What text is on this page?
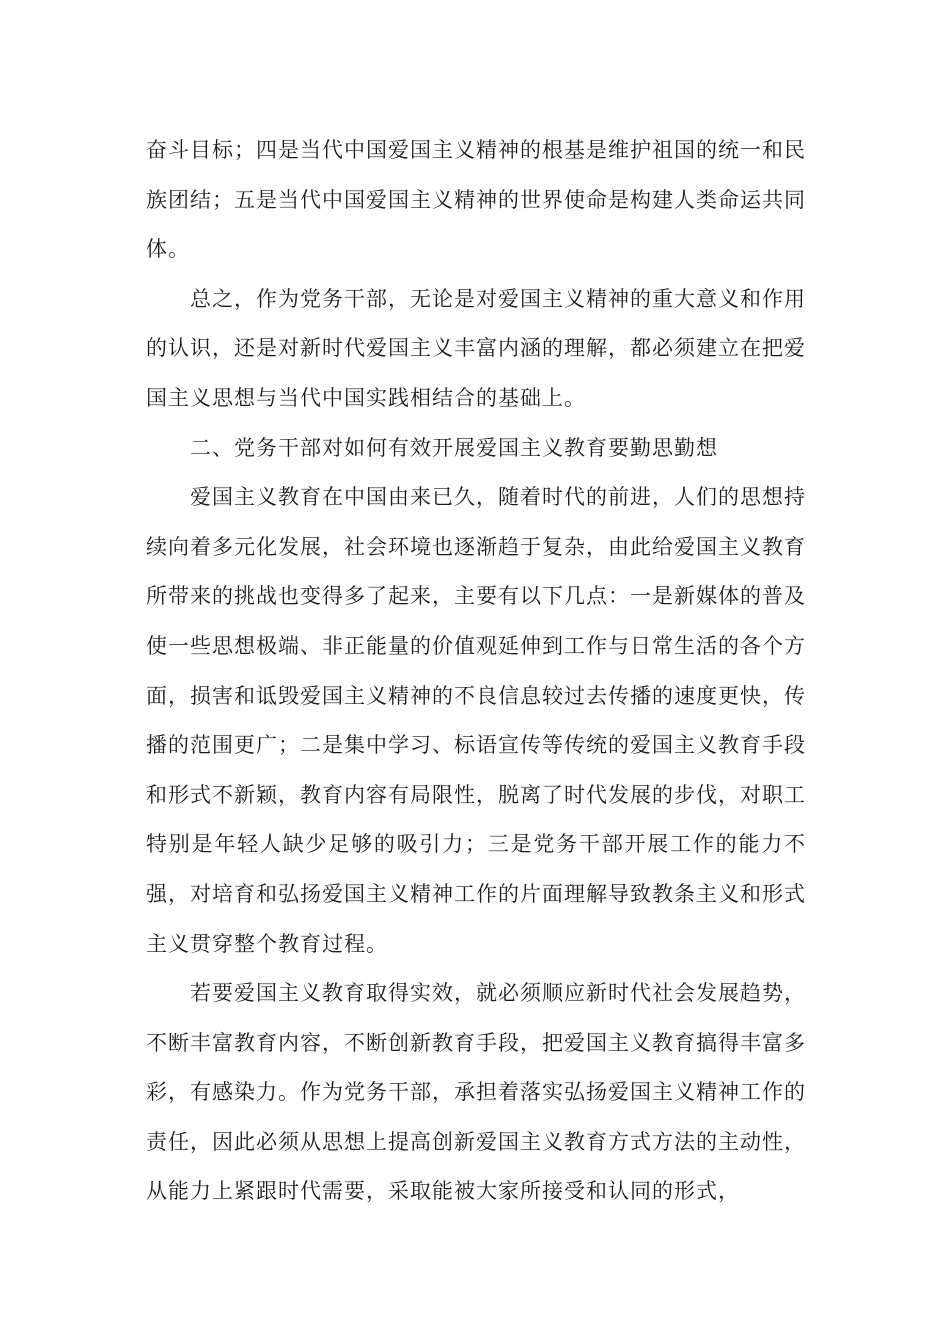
奋斗目标；四是当代中国爱国主义精神的根基是维护祖国的统一和民族团结；五是当代中国爱国主义精神的世界使命是构建人类命运共同体。

总之，作为党务干部，无论是对爱国主义精神的重大意义和作用的认识，还是对新时代爱国主义丰富内涵的理解，都必须建立在把爱国主义思想与当代中国实践相结合的基础上。

二、党务干部对如何有效开展爱国主义教育要勤思勤想

爱国主义教育在中国由来已久，随着时代的前进，人们的思想持续向着多元化发展，社会环境也逐渐趋于复杂，由此给爱国主义教育所带来的挑战也变得多了起来，主要有以下几点：一是新媒体的普及使一些思想极端、非正能量的价值观延伸到工作与日常生活的各个方面，损害和诋毁爱国主义精神的不良信息较过去传播的速度更快，传播的范围更广；二是集中学习、标语宣传等传统的爱国主义教育手段和形式不新颖，教育内容有局限性，脱离了时代发展的步伐，对职工特别是年轻人缺少足够的吸引力；三是党务干部开展工作的能力不强，对培育和弘扬爱国主义精神工作的片面理解导致教条主义和形式主义贯穿整个教育过程。

若要爱国主义教育取得实效，就必须顺应新时代社会发展趋势，不断丰富教育内容，不断创新教育手段，把爱国主义教育搞得丰富多彩，有感染力。作为党务干部，承担着落实弘扬爱国主义精神工作的责任，因此必须从思想上提高创新爱国主义教育方式方法的主动性，从能力上紧跟时代需要，采取能被大家所接受和认同的形式，
